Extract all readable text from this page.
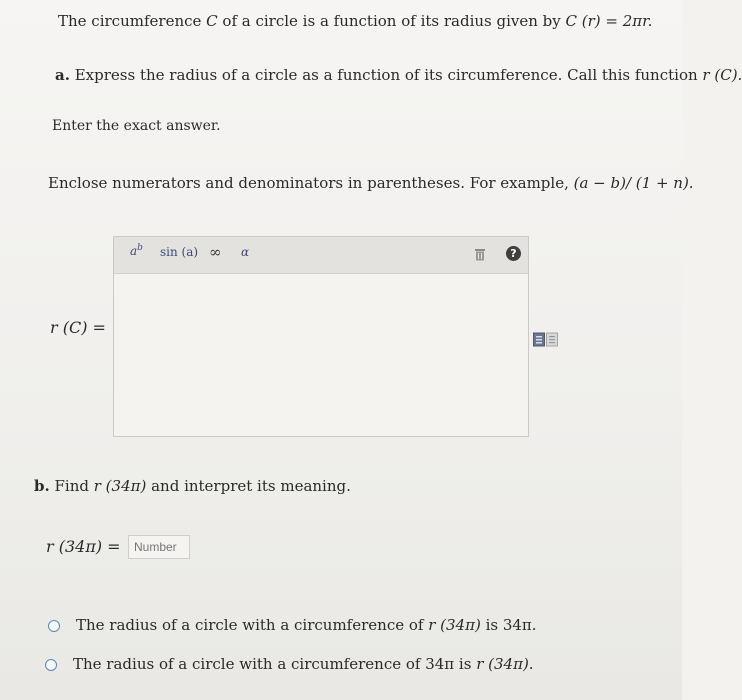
The circumference C of a circle is a function of its radius given by C (r) = 2πr.
a. Express the radius of a circle as a function of its circumference. Call this function r (C).
Enter the exact answer.
Enclose numerators and denominators in parentheses. For example, (a − b)/ (1 + n).
r (C) =
$a^b$ sin (a) ∞ α	?
b. Find r (34π) and interpret its meaning.
r (34π) =
Number
The radius of a circle with a circumference of r (34π) is 34π.
The radius of a circle with a circumference of 34π is r (34π).
